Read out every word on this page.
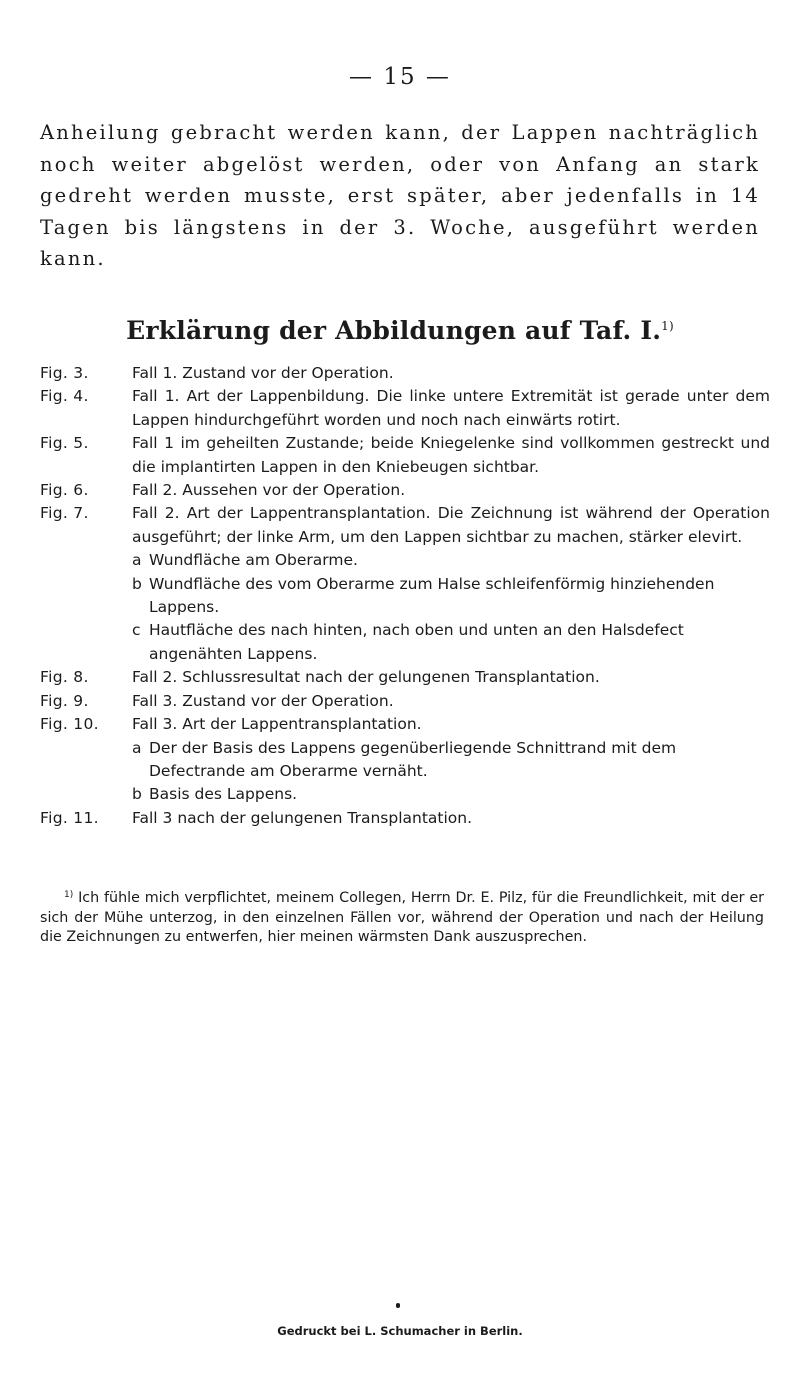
— 15 —

Anheilung gebracht werden kann, der Lappen nachträglich noch weiter abgelöst werden, oder von Anfang an stark gedreht werden musste, erst später, aber jedenfalls in 14 Tagen bis längstens in der 3. Woche, ausgeführt werden kann.

Erklärung der Abbildungen auf Taf. I.$^{1)}$
Fig. 3.	Fall 1. Zustand vor der Operation.

Fig. 4.	Fall 1. Art der Lappenbildung. Die linke untere Extremität ist gerade unter dem Lappen hindurchgeführt worden und noch nach einwärts rotirt.

Fig. 5.	Fall 1 im geheilten Zustande; beide Kniegelenke sind vollkommen gestreckt und die implantirten Lappen in den Kniebeugen sichtbar.

Fig. 6.	Fall 2. Aussehen vor der Operation.

Fig. 7.	Fall 2. Art der Lappentransplantation. Die Zeichnung ist während der Operation ausgeführt; der linke Arm, um den Lappen sichtbar zu machen, stärker elevirt.

a Wundfläche am Oberarme.
b Wundfläche des vom Oberarme zum Halse schleifenförmig hinziehenden Lappens.
c Hautfläche des nach hinten, nach oben und unten an den Halsdefect angenähten Lappens.
Fig. 8.	Fall 2. Schlussresultat nach der gelungenen Transplantation.

Fig. 9.	Fall 3. Zustand vor der Operation.

Fig. 10.	Fall 3. Art der Lappentransplantation.

a Der der Basis des Lappens gegenüberliegende Schnittrand mit dem Defectrande am Oberarme vernäht.
b Basis des Lappens.
Fig. 11.	Fall 3 nach der gelungenen Transplantation.

$^{1)}$ Ich fühle mich verpflichtet, meinem Collegen, Herrn Dr. E. Pilz, für die Freundlichkeit, mit der er sich der Mühe unterzog, in den einzelnen Fällen vor, während der Operation und nach der Heilung die Zeichnungen zu entwerfen, hier meinen wärmsten Dank auszusprechen.

Gedruckt bei L. Schumacher in Berlin.
